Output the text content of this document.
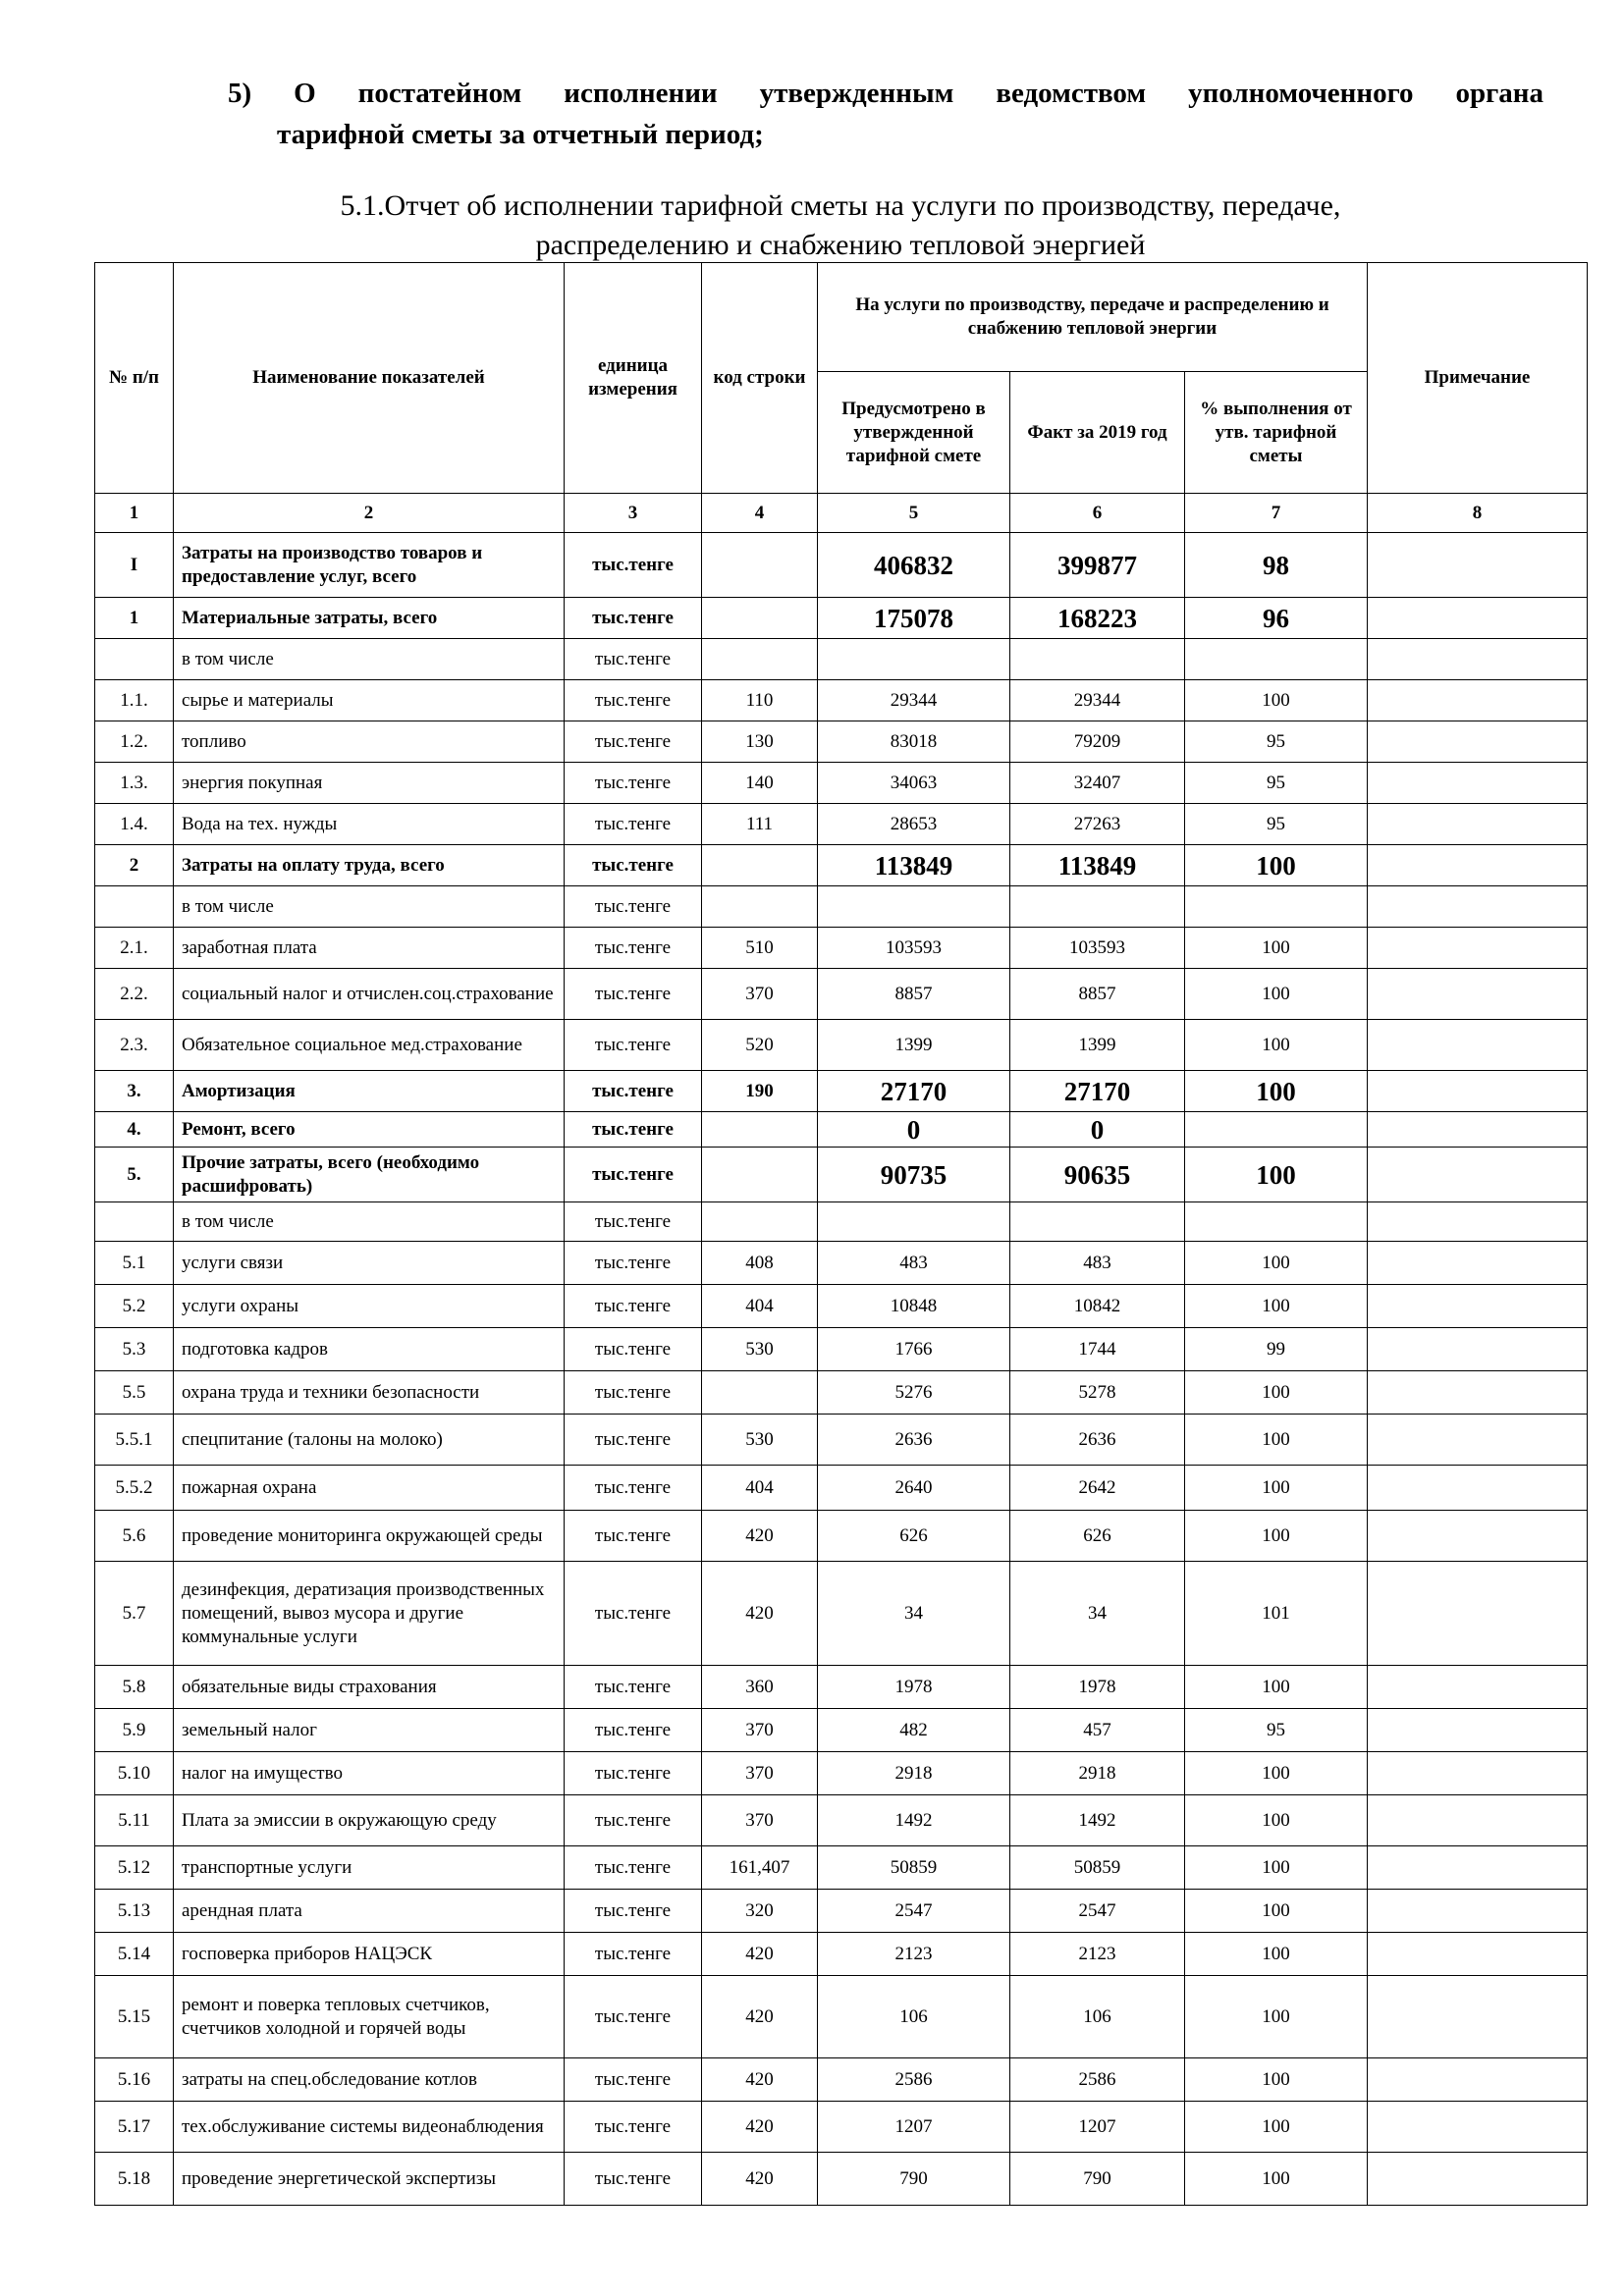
5) О постатейном исполнении утвержденным ведомством уполномоченного органа
тарифной сметы за отчетный период;
5.1.Отчет об исполнении тарифной сметы на услуги по производству, передаче,
распределению и снабжению тепловой энергией
№ п/п	Наименование показателей	единица измерения	код строки	На услуги по производству, передаче и распределению и снабжению тепловой энергии			Примечание
				Предусмотрено в утвержденной тарифной смете	Факт за 2019 год	% выполнения от утв. тарифной сметы	
1	2	3	4	5	6	7	8
I	Затраты на производство товаров и предоставление услуг, всего	тыс.тенге		406832	399877	98	
1	Материальные затраты, всего	тыс.тенге		175078	168223	96	
	в том числе	тыс.тенге					
1.1.	сырье и материалы	тыс.тенге	110	29344	29344	100	
1.2.	топливо	тыс.тенге	130	83018	79209	95	
1.3.	энергия покупная	тыс.тенге	140	34063	32407	95	
1.4.	Вода на тех. нужды	тыс.тенге	111	28653	27263	95	
2	Затраты на оплату труда, всего	тыс.тенге		113849	113849	100	
	в том числе	тыс.тенге					
2.1.	заработная плата	тыс.тенге	510	103593	103593	100	
2.2.	социальный налог и отчислен.соц.страхование	тыс.тенге	370	8857	8857	100	
2.3.	Обязательное социальное мед.страхование	тыс.тенге	520	1399	1399	100	
3.	Амортизация	тыс.тенге	190	27170	27170	100	
4.	Ремонт, всего	тыс.тенге		0	0		
5.	Прочие затраты, всего (необходимо расшифровать)	тыс.тенге		90735	90635	100	
	в том числе	тыс.тенге					
5.1	услуги связи	тыс.тенге	408	483	483	100	
5.2	услуги охраны	тыс.тенге	404	10848	10842	100	
5.3	подготовка кадров	тыс.тенге	530	1766	1744	99	
5.5	охрана труда и техники безопасности	тыс.тенге		5276	5278	100	
5.5.1	спецпитание (талоны на молоко)	тыс.тенге	530	2636	2636	100	
5.5.2	пожарная охрана	тыс.тенге	404	2640	2642	100	
5.6	проведение мониторинга окружающей среды	тыс.тенге	420	626	626	100	
5.7	дезинфекция, дератизация производственных помещений, вывоз мусора и другие коммунальные услуги	тыс.тенге	420	34	34	101	
5.8	обязательные виды страхования	тыс.тенге	360	1978	1978	100	
5.9	земельный налог	тыс.тенге	370	482	457	95	
5.10	налог на имущество	тыс.тенге	370	2918	2918	100	
5.11	Плата за эмиссии в окружающую среду	тыс.тенге	370	1492	1492	100	
5.12	транспортные услуги	тыс.тенге	161,407	50859	50859	100	
5.13	арендная плата	тыс.тенге	320	2547	2547	100	
5.14	госповерка приборов НАЦЭСК	тыс.тенге	420	2123	2123	100	
5.15	ремонт и поверка тепловых счетчиков, счетчиков холодной и горячей воды	тыс.тенге	420	106	106	100	
5.16	затраты на спец.обследование котлов	тыс.тенге	420	2586	2586	100	
5.17	тех.обслуживание системы видеонаблюдения	тыс.тенге	420	1207	1207	100	
5.18	проведение энергетической экспертизы	тыс.тенге	420	790	790	100	
